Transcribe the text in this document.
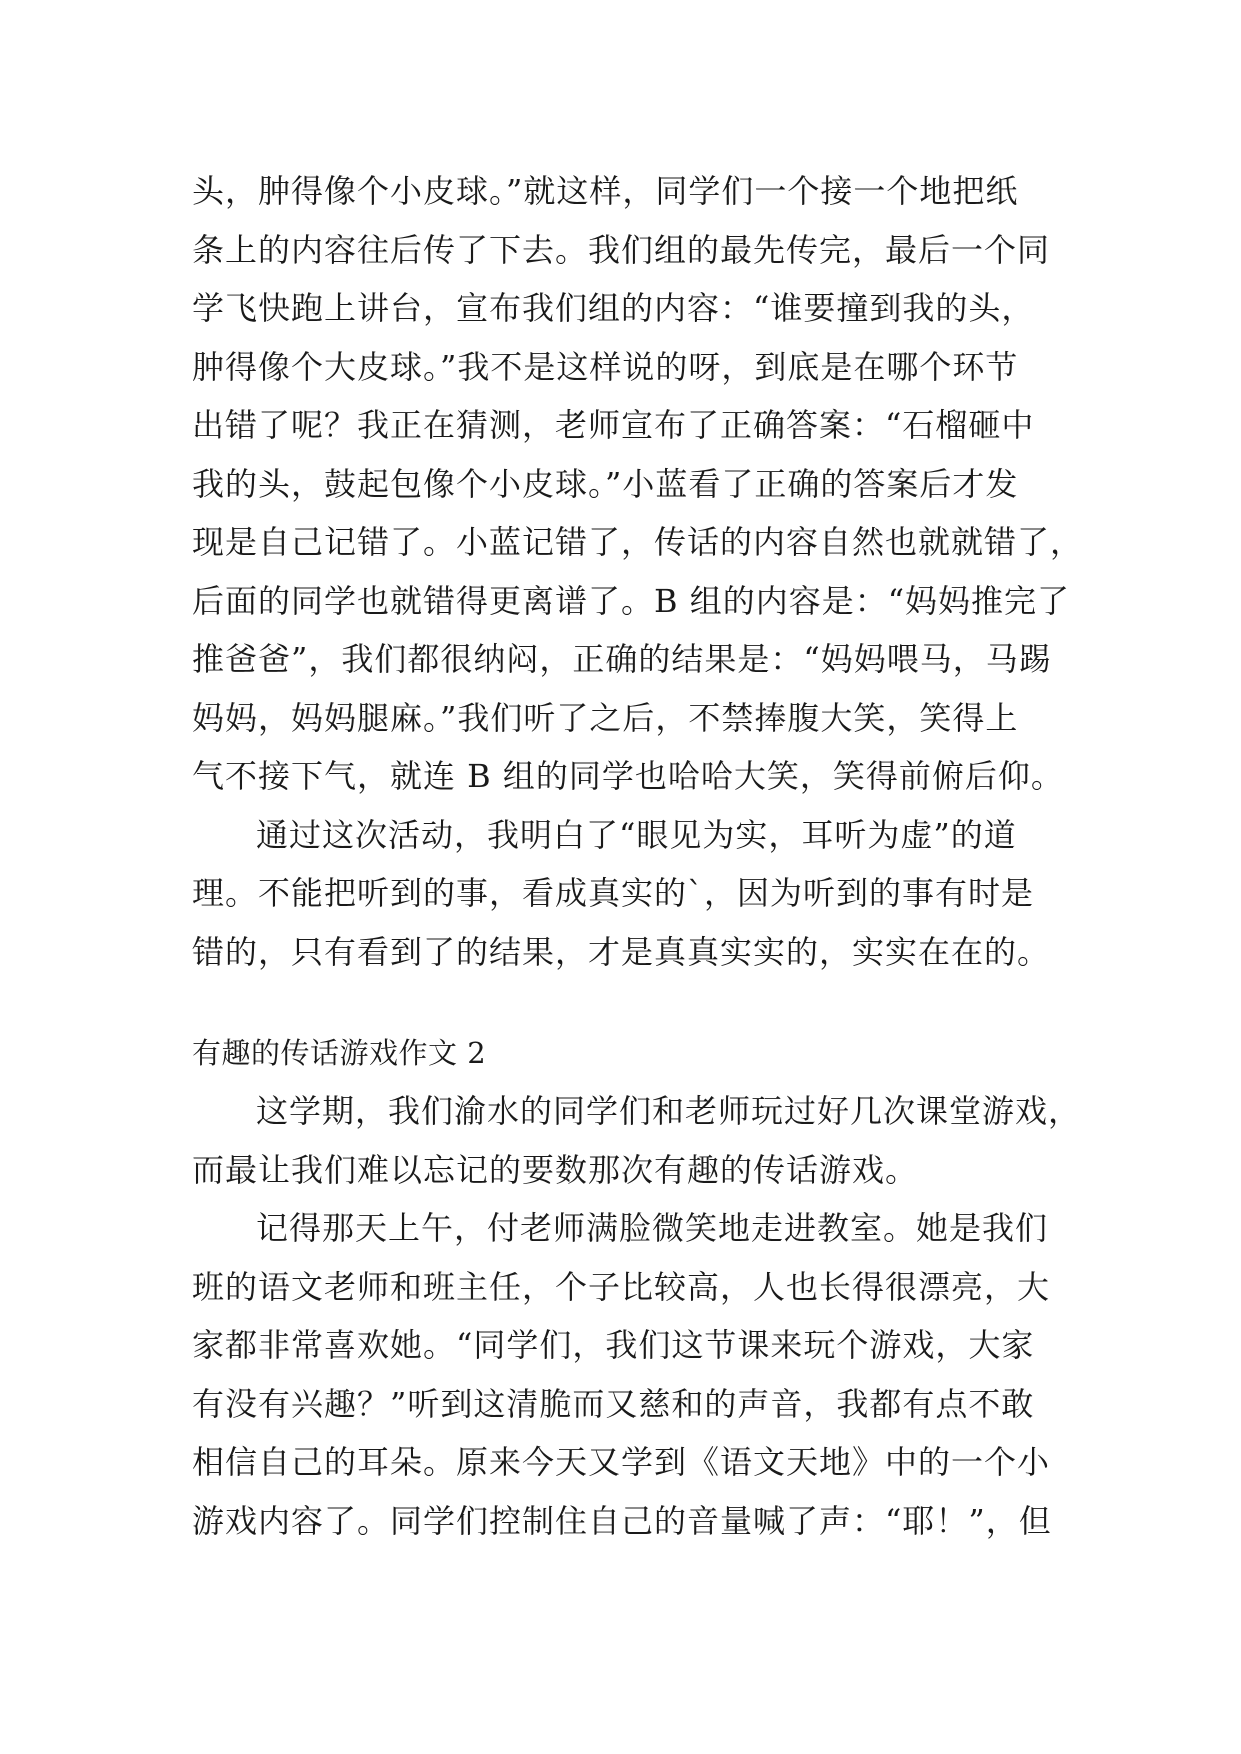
头，肿得像个小皮球。”就这样，同学们一个接一个地把纸
条上的内容往后传了下去。我们组的最先传完，最后一个同
学飞快跑上讲台，宣布我们组的内容：“谁要撞到我的头，
肿得像个大皮球。”我不是这样说的呀，到底是在哪个环节
出错了呢？我正在猜测，老师宣布了正确答案：“石榴砸中
我的头，鼓起包像个小皮球。”小蓝看了正确的答案后才发
现是自己记错了。小蓝记错了，传话的内容自然也就就错了，
后面的同学也就错得更离谱了。B 组的内容是：“妈妈推完了
推爸爸”，我们都很纳闷，正确的结果是：“妈妈喂马，马踢
妈妈，妈妈腿麻。”我们听了之后，不禁捧腹大笑，笑得上
气不接下气，就连 B 组的同学也哈哈大笑，笑得前俯后仰。
通过这次活动，我明白了“眼见为实，耳听为虚”的道
理。不能把听到的事，看成真实的`，因为听到的事有时是
错的，只有看到了的结果，才是真真实实的，实实在在的。
有趣的传话游戏作文 2
这学期，我们渝水的同学们和老师玩过好几次课堂游戏，
而最让我们难以忘记的要数那次有趣的传话游戏。
记得那天上午，付老师满脸微笑地走进教室。她是我们
班的语文老师和班主任，个子比较高，人也长得很漂亮，大
家都非常喜欢她。“同学们，我们这节课来玩个游戏，大家
有没有兴趣？”听到这清脆而又慈和的声音，我都有点不敢
相信自己的耳朵。原来今天又学到《语文天地》中的一个小
游戏内容了。同学们控制住自己的音量喊了声：“耶！”，但
